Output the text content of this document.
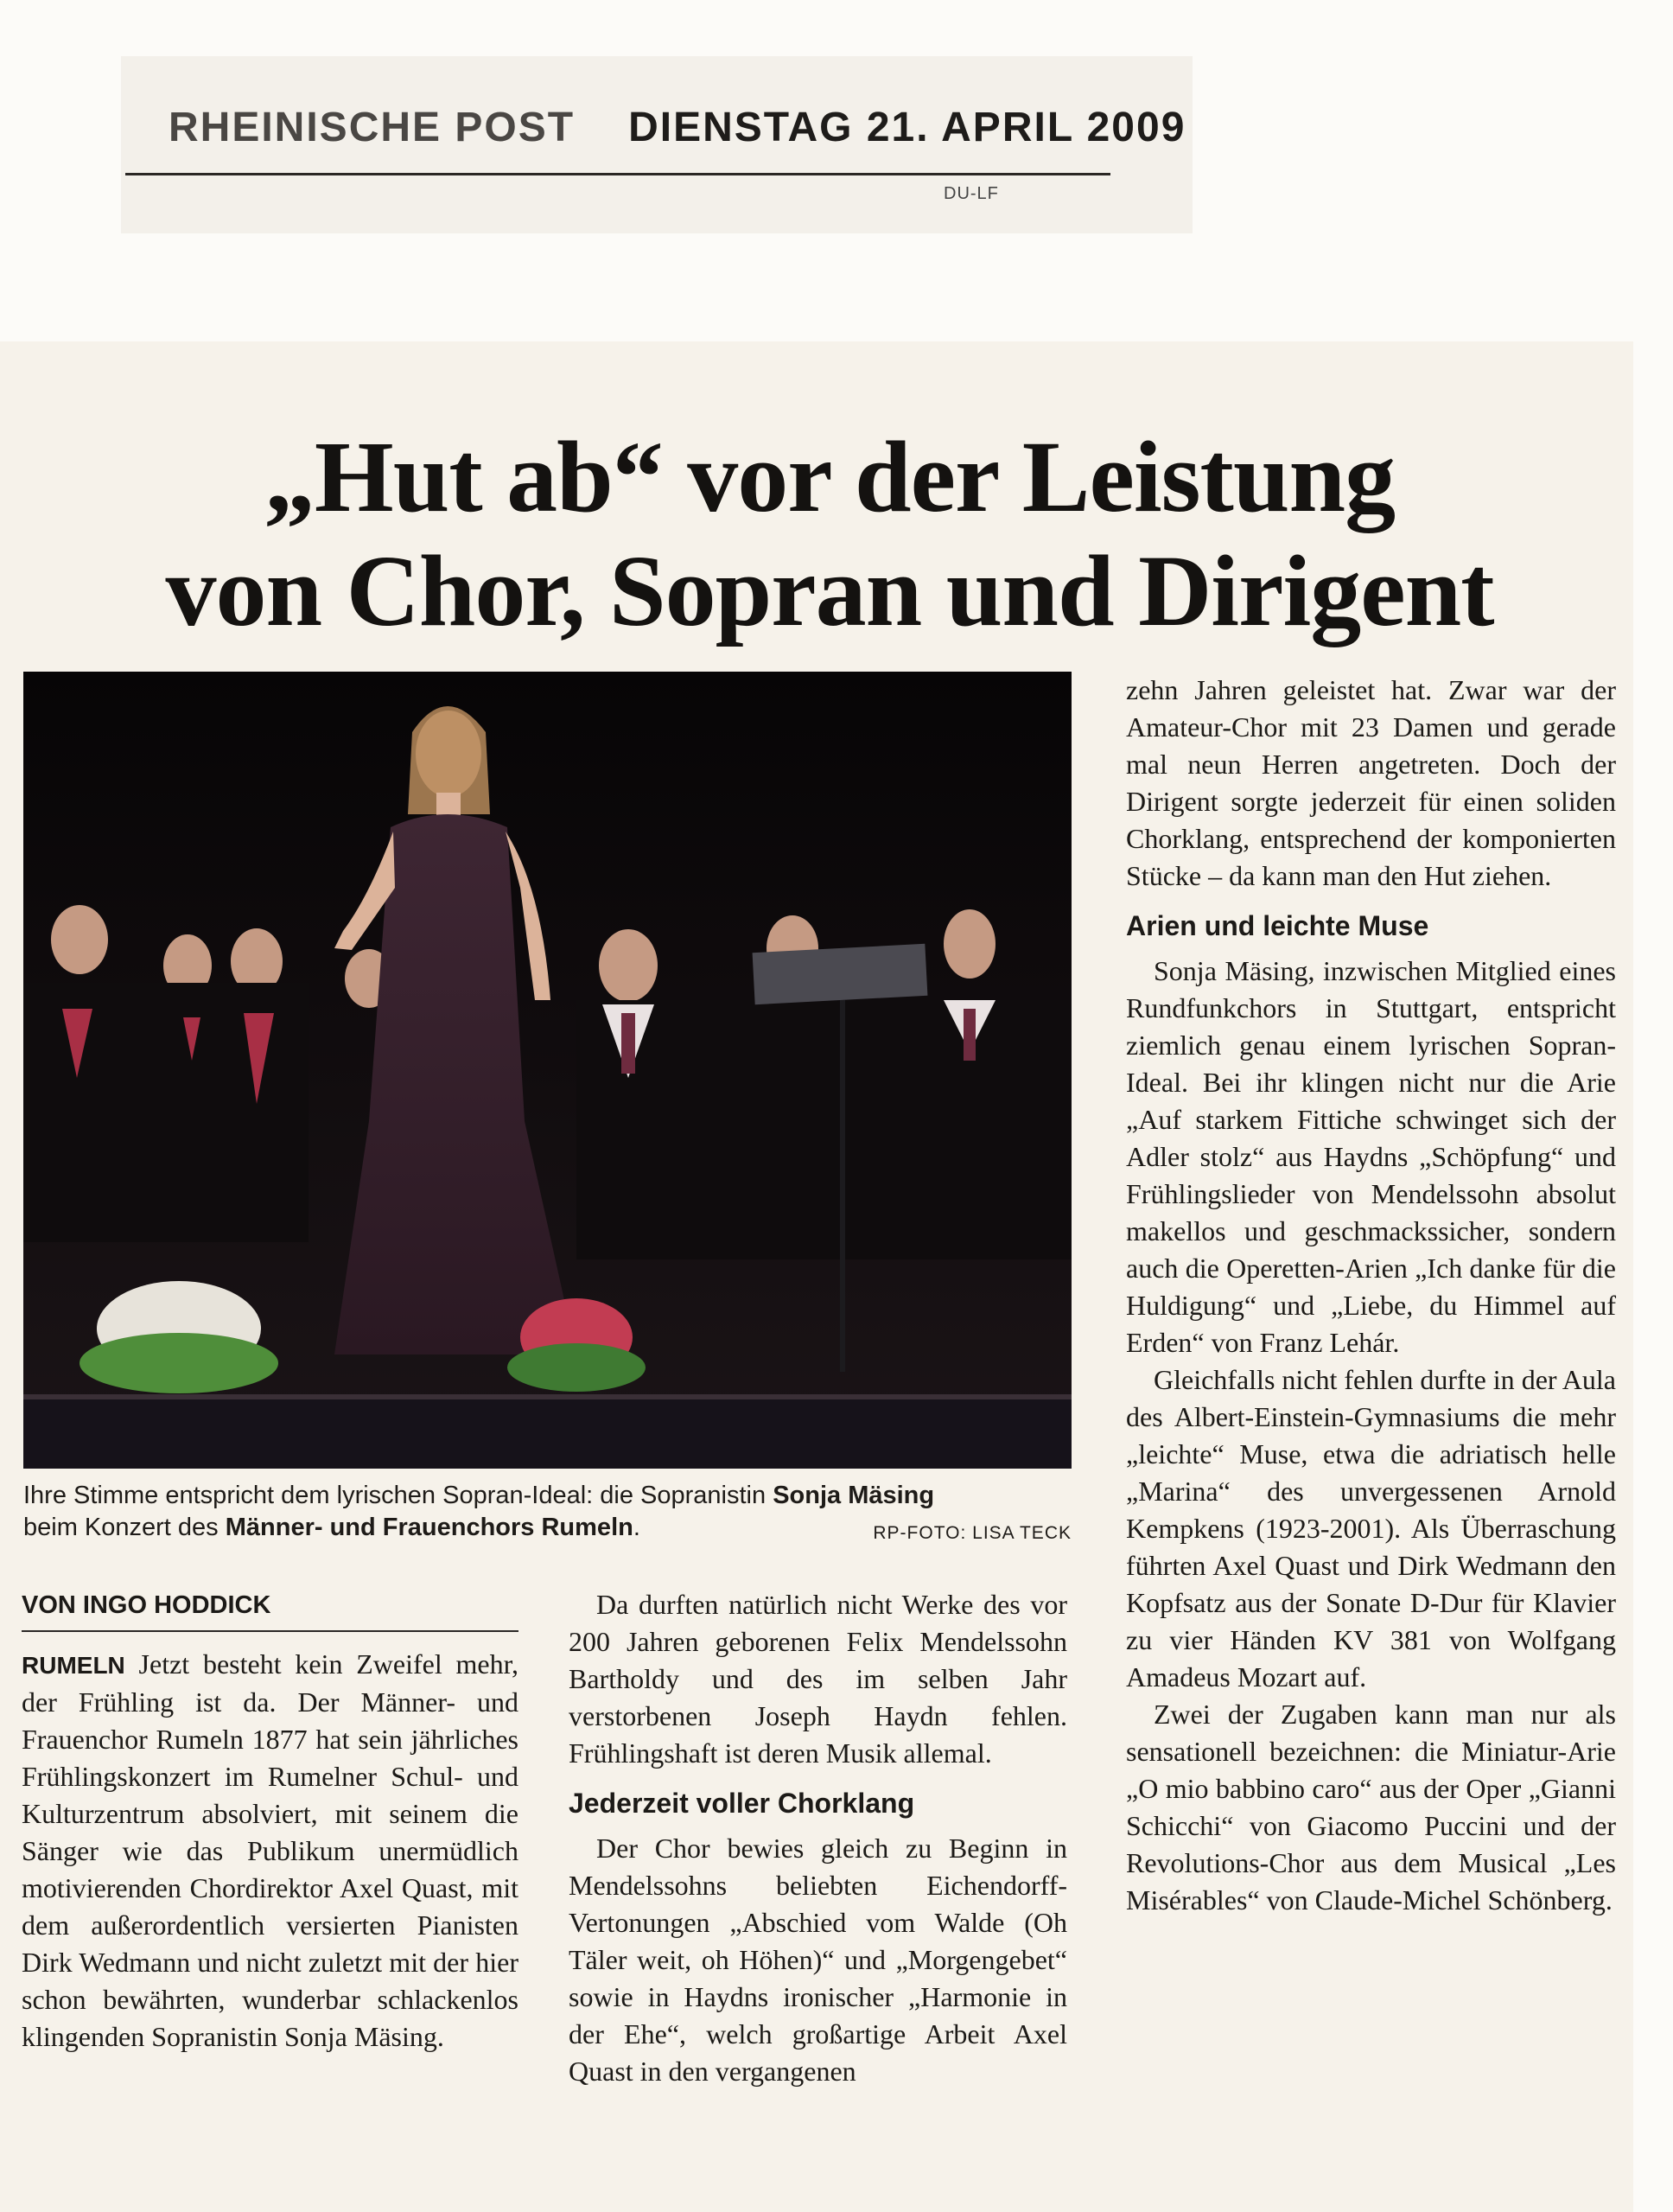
RHEINISCHE POST DIENSTAG 21. APRIL 2009
DU-LF
„Hut ab“ vor der Leistung
von Chor, Sopran und Dirigent
Ihre Stimme entspricht dem lyrischen Sopran-Ideal: die Sopranistin Sonja Mäsing
beim Konzert des Männer- und Frauenchors Rumeln.	RP-FOTO: LISA TECK
VON INGO HODDICK

RUMELN Jetzt besteht kein Zweifel mehr, der Frühling ist da. Der Männer- und Frauenchor Rumeln 1877 hat sein jährliches Frühlingskonzert im Rumelner Schul- und Kulturzentrum absolviert, mit seinem die Sänger wie das Publikum unermüdlich motivierenden Chordirektor Axel Quast, mit dem außerordentlich versierten Pianisten Dirk Wedmann und nicht zuletzt mit der hier schon bewährten, wunderbar schlackenlos klingenden Sopranistin Sonja Mäsing.

Da durften natürlich nicht Werke des vor 200 Jahren geborenen Felix Mendelssohn Bartholdy und des im selben Jahr verstorbenen Joseph Haydn fehlen. Frühlingshaft ist deren Musik allemal.

Jederzeit voller Chorklang

Der Chor bewies gleich zu Beginn in Mendelssohns beliebten Eichendorff-Vertonungen „Abschied vom Walde (Oh Täler weit, oh Höhen)“ und „Morgengebet“ sowie in Haydns ironischer „Harmonie in der Ehe“, welch großartige Arbeit Axel Quast in den vergangenen

zehn Jahren geleistet hat. Zwar war der Amateur-Chor mit 23 Damen und gerade mal neun Herren angetreten. Doch der Dirigent sorgte jederzeit für einen soliden Chorklang, entsprechend der komponierten Stücke – da kann man den Hut ziehen.

Arien und leichte Muse

Sonja Mäsing, inzwischen Mitglied eines Rundfunkchors in Stuttgart, entspricht ziemlich genau einem lyrischen Sopran-Ideal. Bei ihr klingen nicht nur die Arie „Auf starkem Fittiche schwinget sich der Adler stolz“ aus Haydns „Schöpfung“ und Frühlingslieder von Mendelssohn absolut makellos und geschmackssicher, sondern auch die Operetten-Arien „Ich danke für die Huldigung“ und „Liebe, du Himmel auf Erden“ von Franz Lehár.

Gleichfalls nicht fehlen durfte in der Aula des Albert-Einstein-Gymnasiums die mehr „leichte“ Muse, etwa die adriatisch helle „Marina“ des unvergessenen Arnold Kempkens (1923-2001). Als Überraschung führten Axel Quast und Dirk Wedmann den Kopfsatz aus der Sonate D-Dur für Klavier zu vier Händen KV 381 von Wolfgang Amadeus Mozart auf.

Zwei der Zugaben kann man nur als sensationell bezeichnen: die Miniatur-Arie „O mio babbino caro“ aus der Oper „Gianni Schicchi“ von Giacomo Puccini und der Revolutions-Chor aus dem Musical „Les Misérables“ von Claude-Michel Schönberg.
